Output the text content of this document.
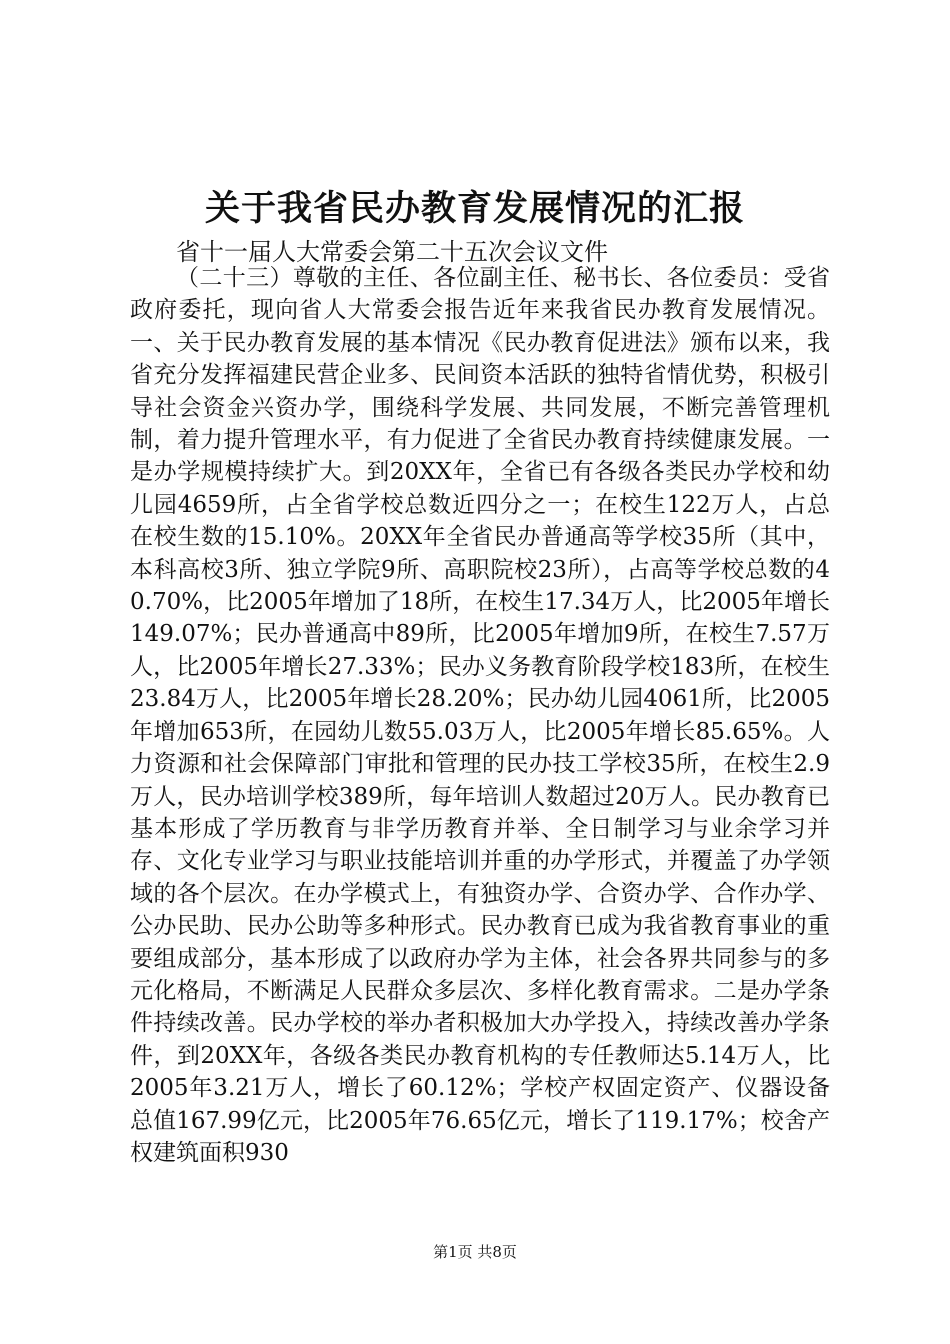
关于我省民办教育发展情况的汇报

省十一届人大常委会第二十五次会议文件

（二十三）尊敬的主任、各位副主任、秘书长、各位委员：受省政府委托，现向省人大常委会报告近年来我省民办教育发展情况。一、关于民办教育发展的基本情况《民办教育促进法》颁布以来，我省充分发挥福建民营企业多、民间资本活跃的独特省情优势，积极引导社会资金兴资办学，围绕科学发展、共同发展，不断完善管理机制，着力提升管理水平，有力促进了全省民办教育持续健康发展。一是办学规模持续扩大。到20XX年，全省已有各级各类民办学校和幼儿园4659所，占全省学校总数近四分之一；在校生122万人，占总在校生数的15.10%。20XX年全省民办普通高等学校35所（其中，本科高校3所、独立学院9所、高职院校23所），占高等学校总数的40.70%，比2005年增加了18所，在校生17.34万人，比2005年增长149.07%；民办普通高中89所，比2005年增加9所，在校生7.57万人，比2005年增长27.33%；民办义务教育阶段学校183所，在校生23.84万人，比2005年增长28.20%；民办幼儿园4061所，比2005年增加653所，在园幼儿数55.03万人，比2005年增长85.65%。人力资源和社会保障部门审批和管理的民办技工学校35所，在校生2.9万人，民办培训学校389所，每年培训人数超过20万人。民办教育已基本形成了学历教育与非学历教育并举、全日制学习与业余学习并存、文化专业学习与职业技能培训并重的办学形式，并覆盖了办学领域的各个层次。在办学模式上，有独资办学、合资办学、合作办学、公办民助、民办公助等多种形式。民办教育已成为我省教育事业的重要组成部分，基本形成了以政府办学为主体，社会各界共同参与的多元化格局，不断满足人民群众多层次、多样化教育需求。二是办学条件持续改善。民办学校的举办者积极加大办学投入，持续改善办学条件，到20XX年，各级各类民办教育机构的专任教师达5.14万人，比2005年3.21万人，增长了60.12%；学校产权固定资产、仪器设备总值167.99亿元，比2005年76.65亿元，增长了119.17%；校舍产权建筑面积930

第1页 共8页
